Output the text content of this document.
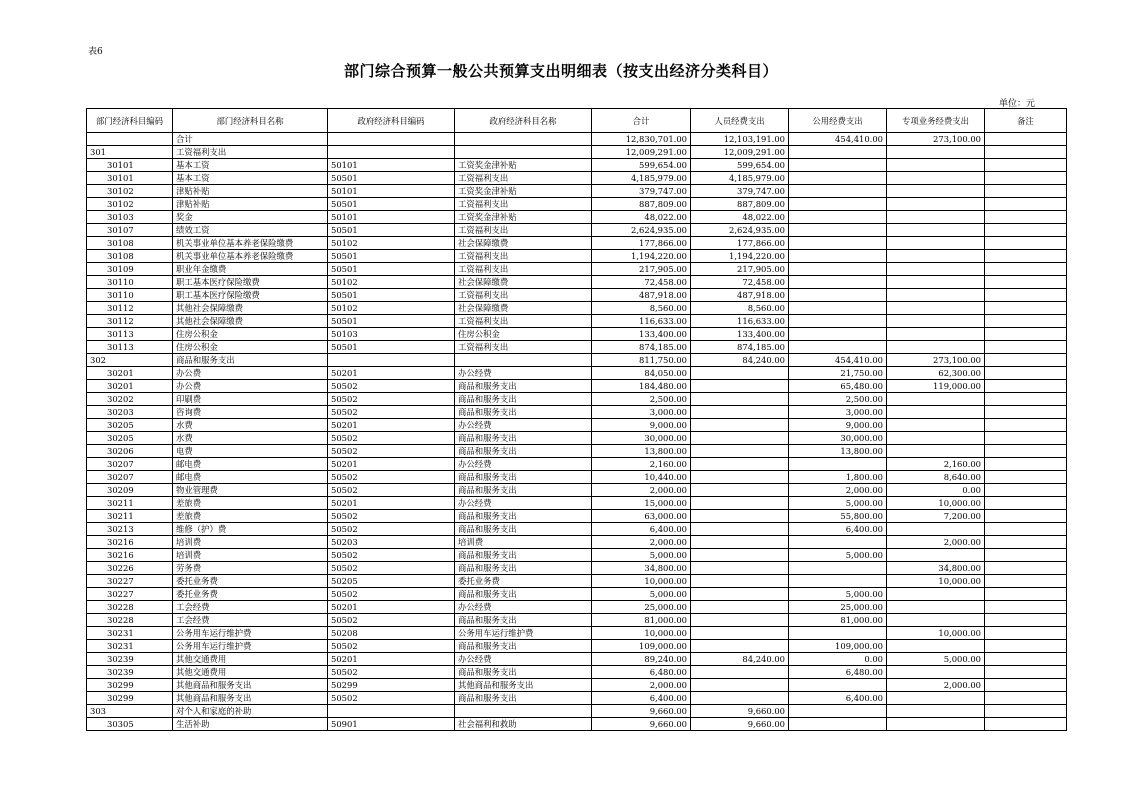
表6
部门综合预算一般公共预算支出明细表（按支出经济分类科目）
单位：元
部门经济科目编码	部门经济科目名称	政府经济科目编码	政府经济科目名称	合计	人员经费支出	公用经费支出	专项业务经费支出	备注
	合计			12,830,701.00	12,103,191.00	454,410.00	273,100.00	
301	工资福利支出			12,009,291.00	12,009,291.00			
30101	基本工资	50101	工资奖金津补贴	599,654.00	599,654.00			
30101	基本工资	50501	工资福利支出	4,185,979.00	4,185,979.00			
30102	津贴补贴	50101	工资奖金津补贴	379,747.00	379,747.00			
30102	津贴补贴	50501	工资福利支出	887,809.00	887,809.00			
30103	奖金	50101	工资奖金津补贴	48,022.00	48,022.00			
30107	绩效工资	50501	工资福利支出	2,624,935.00	2,624,935.00			
30108	机关事业单位基本养老保险缴费	50102	社会保障缴费	177,866.00	177,866.00			
30108	机关事业单位基本养老保险缴费	50501	工资福利支出	1,194,220.00	1,194,220.00			
30109	职业年金缴费	50501	工资福利支出	217,905.00	217,905.00			
30110	职工基本医疗保险缴费	50102	社会保障缴费	72,458.00	72,458.00			
30110	职工基本医疗保险缴费	50501	工资福利支出	487,918.00	487,918.00			
30112	其他社会保障缴费	50102	社会保障缴费	8,560.00	8,560.00			
30112	其他社会保障缴费	50501	工资福利支出	116,633.00	116,633.00			
30113	住房公积金	50103	住房公积金	133,400.00	133,400.00			
30113	住房公积金	50501	工资福利支出	874,185.00	874,185.00			
302	商品和服务支出			811,750.00	84,240.00	454,410.00	273,100.00	
30201	办公费	50201	办公经费	84,050.00		21,750.00	62,300.00	
30201	办公费	50502	商品和服务支出	184,480.00		65,480.00	119,000.00	
30202	印刷费	50502	商品和服务支出	2,500.00		2,500.00		
30203	咨询费	50502	商品和服务支出	3,000.00		3,000.00		
30205	水费	50201	办公经费	9,000.00		9,000.00		
30205	水费	50502	商品和服务支出	30,000.00		30,000.00		
30206	电费	50502	商品和服务支出	13,800.00		13,800.00		
30207	邮电费	50201	办公经费	2,160.00			2,160.00	
30207	邮电费	50502	商品和服务支出	10,440.00		1,800.00	8,640.00	
30209	物业管理费	50502	商品和服务支出	2,000.00		2,000.00	0.00	
30211	差旅费	50201	办公经费	15,000.00		5,000.00	10,000.00	
30211	差旅费	50502	商品和服务支出	63,000.00		55,800.00	7,200.00	
30213	维修（护）费	50502	商品和服务支出	6,400.00		6,400.00		
30216	培训费	50203	培训费	2,000.00			2,000.00	
30216	培训费	50502	商品和服务支出	5,000.00		5,000.00		
30226	劳务费	50502	商品和服务支出	34,800.00			34,800.00	
30227	委托业务费	50205	委托业务费	10,000.00			10,000.00	
30227	委托业务费	50502	商品和服务支出	5,000.00		5,000.00		
30228	工会经费	50201	办公经费	25,000.00		25,000.00		
30228	工会经费	50502	商品和服务支出	81,000.00		81,000.00		
30231	公务用车运行维护费	50208	公务用车运行维护费	10,000.00			10,000.00	
30231	公务用车运行维护费	50502	商品和服务支出	109,000.00		109,000.00		
30239	其他交通费用	50201	办公经费	89,240.00	84,240.00	0.00	5,000.00	
30239	其他交通费用	50502	商品和服务支出	6,480.00		6,480.00		
30299	其他商品和服务支出	50299	其他商品和服务支出	2,000.00			2,000.00	
30299	其他商品和服务支出	50502	商品和服务支出	6,400.00		6,400.00		
303	对个人和家庭的补助			9,660.00	9,660.00			
30305	生活补助	50901	社会福利和救助	9,660.00	9,660.00			
